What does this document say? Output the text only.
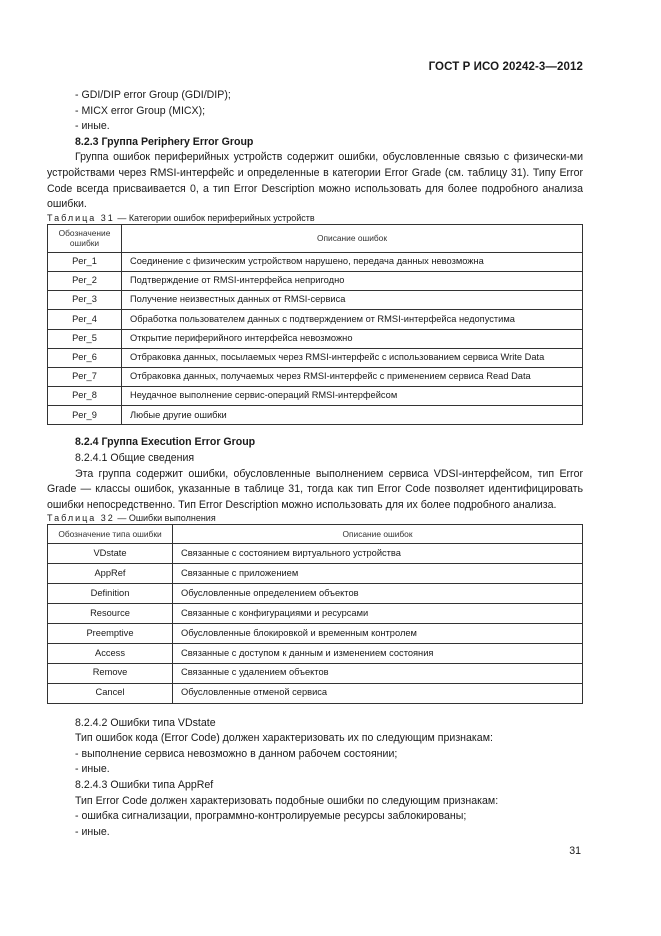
ГОСТ Р ИСО 20242-3—2012

- GDI/DIP error Group (GDI/DIP);

- MICX error Group (MICX);

- иные.

8.2.3 Группа Periphery Error Group

Группа ошибок периферийных устройств содержит ошибки, обусловленные связью с физически-ми устройствами через RMSI-интерфейс и определенные в категории Error Grade (см. таблицу 31). Типу Error Code всегда присваивается 0, а тип Error Description можно использовать для более подробного анализа ошибки.

Таблица 31 — Категории ошибок периферийных устройств

Обозначение ошибки	Описание ошибок
Per_1	Соединение с физическим устройством нарушено, передача данных невозможна
Per_2	Подтверждение от RMSI-интерфейса непригодно
Per_3	Получение неизвестных данных от RMSI-сервиса
Per_4	Обработка пользователем данных с подтверждением от RMSI-интерфейса недопустима
Per_5	Открытие периферийного интерфейса невозможно
Per_6	Отбраковка данных, посылаемых через RMSI-интерфейс с использованием сервиса Write Data
Per_7	Отбраковка данных, получаемых через RMSI-интерфейс с применением сервиса Read Data
Per_8	Неудачное выполнение сервис-операций RMSI-интерфейсом
Per_9	Любые другие ошибки

8.2.4 Группа Execution Error Group

8.2.4.1 Общие сведения

Эта группа содержит ошибки, обусловленные выполнением сервиса VDSI-интерфейсом, тип Error Grade — классы ошибок, указанные в таблице 31, тогда как тип Error Code позволяет идентифицировать ошибки непосредственно. Тип Error Description можно использовать для их более подробного анализа.

Таблица 32 — Ошибки выполнения

Обозначение типа ошибки	Описание ошибок
VDstate	Связанные с состоянием виртуального устройства
AppRef	Связанные с приложением
Definition	Обусловленные определением объектов
Resource	Связанные с конфигурациями и ресурсами
Preemptive	Обусловленные блокировкой и временным контролем
Access	Связанные с доступом к данным и изменением состояния
Remove	Связанные с удалением объектов
Cancel	Обусловленные отменой сервиса

8.2.4.2 Ошибки типа VDstate

Тип ошибок кода (Error Code) должен характеризовать их по следующим признакам:

- выполнение сервиса невозможно в данном рабочем состоянии;

- иные.

8.2.4.3 Ошибки типа AppRef

Тип Error Code должен характеризовать подобные ошибки по следующим признакам:

- ошибка сигнализации, программно-контролируемые ресурсы заблокированы;

- иные.

31
